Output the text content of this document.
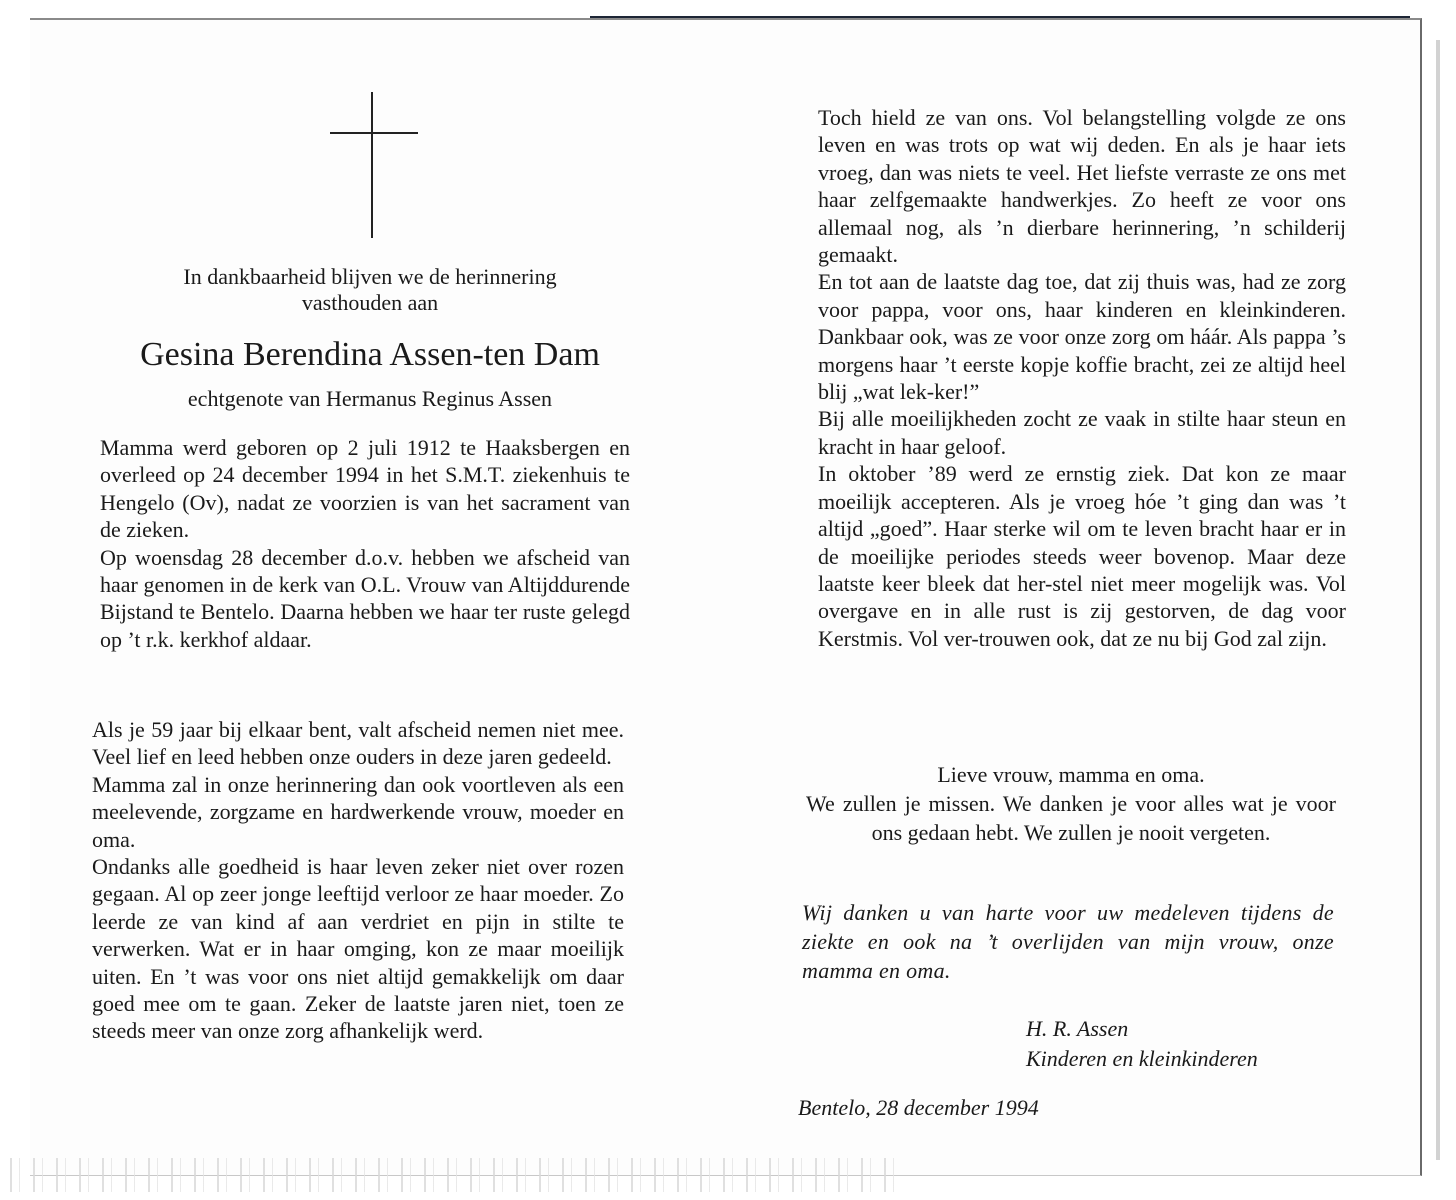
In dankbaarheid blijven we de herinnering
vasthouden aan
Gesina Berendina Assen-ten Dam
echtgenote van Hermanus Reginus Assen

Mamma werd geboren op 2 juli 1912 te Haaksbergen en overleed op 24 december 1994 in het S.M.T. ziekenhuis te Hengelo (Ov), nadat ze voorzien is van het sacrament van de zieken.

Op woensdag 28 december d.o.v. hebben we afscheid van haar genomen in de kerk van O.L. Vrouw van Altijddurende Bijstand te Bentelo. Daarna hebben we haar ter ruste gelegd op ’t r.k. kerkhof aldaar.

Als je 59 jaar bij elkaar bent, valt afscheid nemen niet mee. Veel lief en leed hebben onze ouders in deze jaren gedeeld.

Mamma zal in onze herinnering dan ook voortleven als een meelevende, zorgzame en hardwerkende vrouw, moeder en oma.

Ondanks alle goedheid is haar leven zeker niet over rozen gegaan. Al op zeer jonge leeftijd verloor ze haar moeder. Zo leerde ze van kind af aan verdriet en pijn in stilte te verwerken. Wat er in haar omging, kon ze maar moeilijk uiten. En ’t was voor ons niet altijd gemakkelijk om daar goed mee om te gaan. Zeker de laatste jaren niet, toen ze steeds meer van onze zorg afhankelijk werd.

Toch hield ze van ons. Vol belangstelling volgde ze ons leven en was trots op wat wij deden. En als je haar iets vroeg, dan was niets te veel. Het liefste verraste ze ons met haar zelfgemaakte handwerkjes. Zo heeft ze voor ons allemaal nog, als ’n dierbare herinnering, ’n schilderij gemaakt.

En tot aan de laatste dag toe, dat zij thuis was, had ze zorg voor pappa, voor ons, haar kinderen en kleinkinderen. Dankbaar ook, was ze voor onze zorg om háár. Als pappa ’s morgens haar ’t eerste kopje koffie bracht, zei ze altijd heel blij „wat lek-ker!”

Bij alle moeilijkheden zocht ze vaak in stilte haar steun en kracht in haar geloof.

In oktober ’89 werd ze ernstig ziek. Dat kon ze maar moeilijk accepteren. Als je vroeg hóe ’t ging dan was ’t altijd „goed”. Haar sterke wil om te leven bracht haar er in de moeilijke periodes steeds weer bovenop. Maar deze laatste keer bleek dat her-stel niet meer mogelijk was. Vol overgave en in alle rust is zij gestorven, de dag voor Kerstmis. Vol ver-trouwen ook, dat ze nu bij God zal zijn.

Lieve vrouw, mamma en oma.
We zullen je missen. We danken je voor alles wat je voor ons gedaan hebt. We zullen je nooit vergeten.
Wij danken u van harte voor uw medeleven tijdens de ziekte en ook na ’t overlijden van mijn vrouw, onze mamma en oma.
H. R. Assen
Kinderen en kleinkinderen
Bentelo, 28 december 1994
